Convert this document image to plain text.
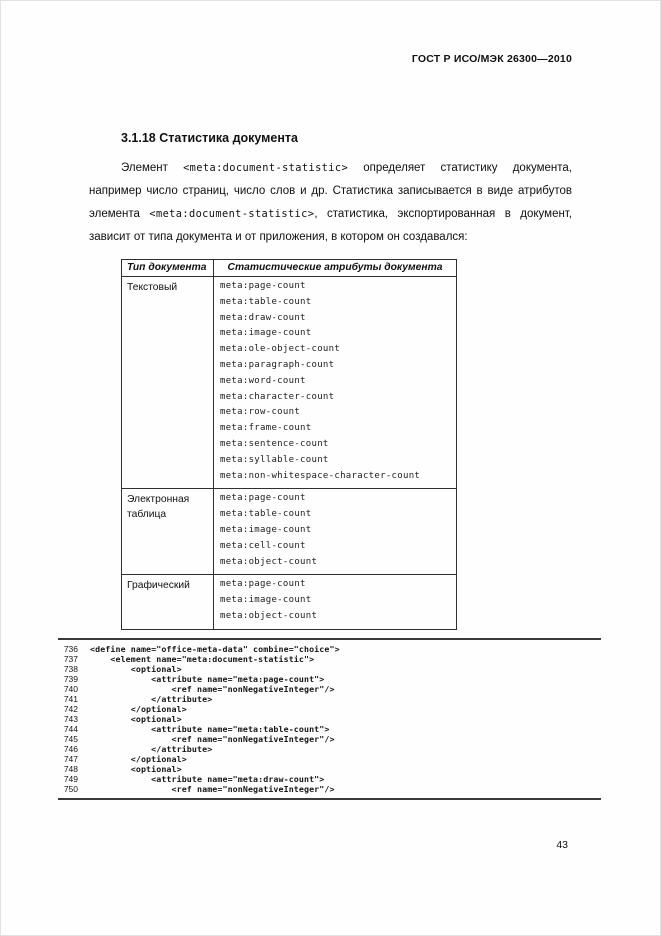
ГОСТ Р ИСО/МЭК 26300—2010
3.1.18 Статистика документа

Элемент <meta:document-statistic> определяет статистику документа, например число страниц, число слов и др. Статистика записывается в виде атрибутов элемента <meta:document-statistic>, статистика, экспортированная в документ, зависит от типа документа и от приложения, в котором он создавался:

Тип документа	Статистические атрибуты документа
Текстовый	meta:page-count
meta:table-count
meta:draw-count
meta:image-count
meta:ole-object-count
meta:paragraph-count
meta:word-count
meta:character-count
meta:row-count
meta:frame-count
meta:sentence-count
meta:syllable-count
meta:non-whitespace-character-count

Электронная таблица	meta:page-count
meta:table-count
meta:image-count
meta:cell-count
meta:object-count

Графический	meta:page-count
meta:image-count
meta:object-count
736 <define name="office-meta-data" combine="choice">
737 <element name="meta:document-statistic">
738 <optional>
739 <attribute name="meta:page-count">
740 <ref name="nonNegativeInteger"/>
741 </attribute>
742 </optional>
743 <optional>
744 <attribute name="meta:table-count">
745 <ref name="nonNegativeInteger"/>
746 </attribute>
747 </optional>
748 <optional>
749 <attribute name="meta:draw-count">
750 <ref name="nonNegativeInteger"/>
43
